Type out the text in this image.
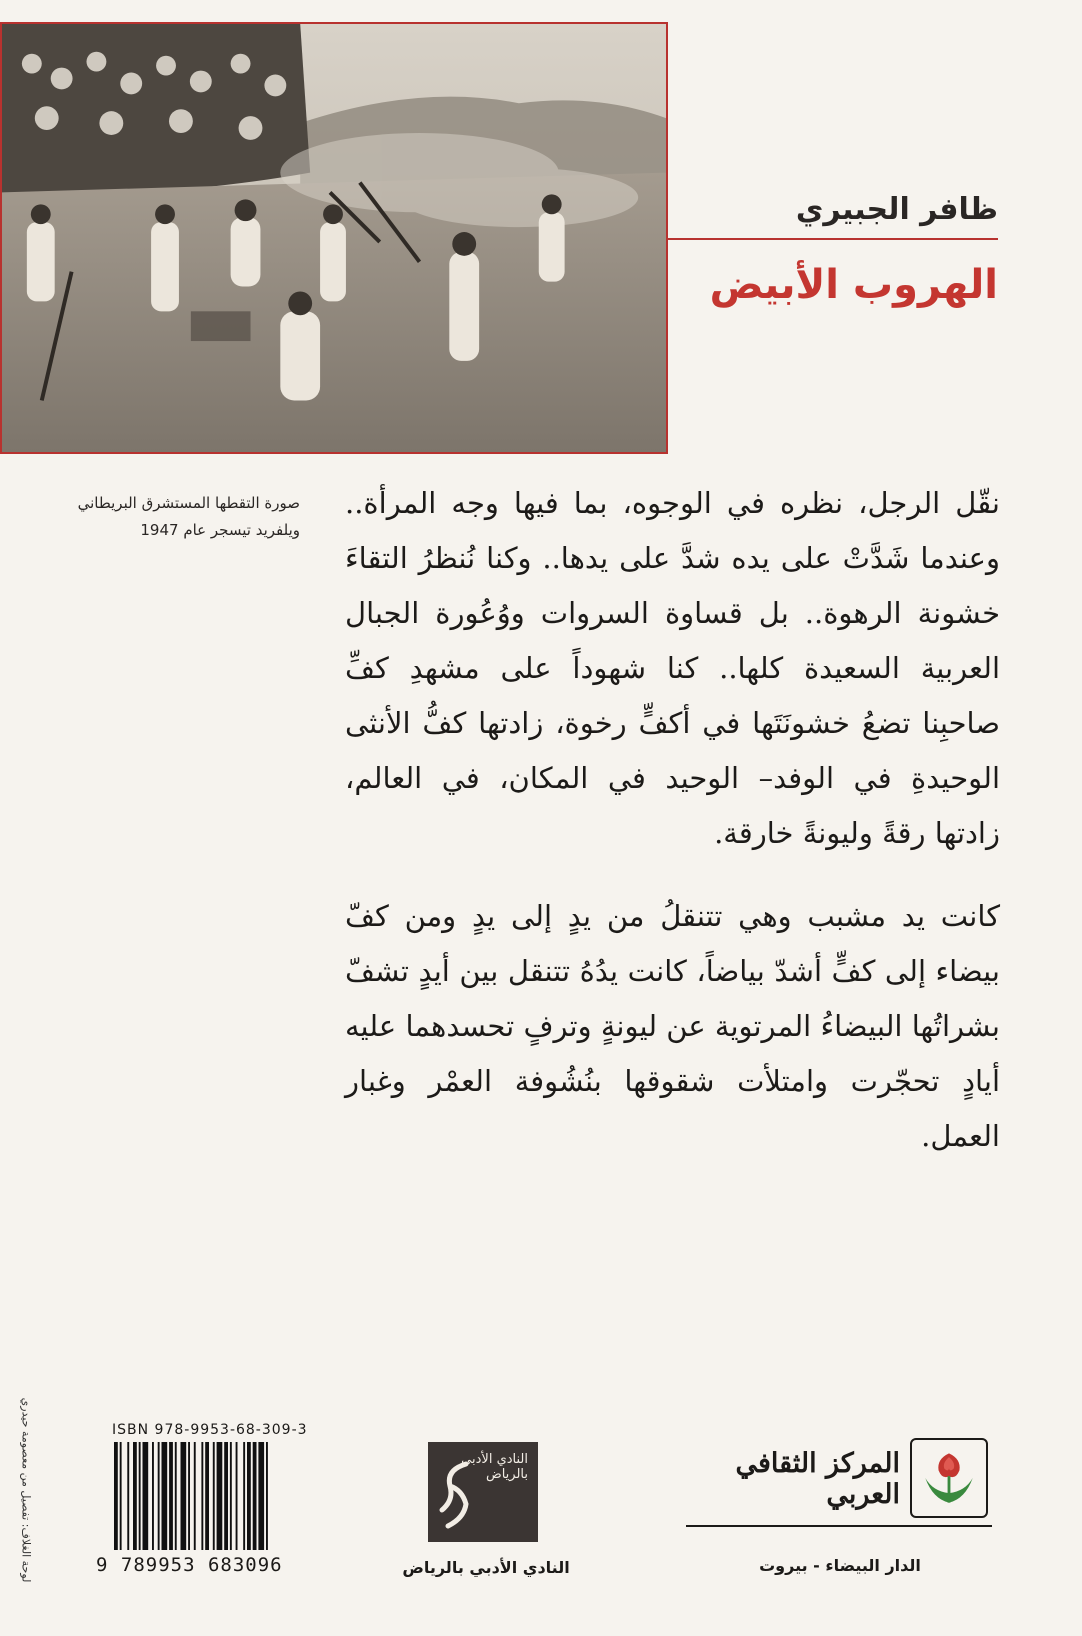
ظافر الجبيري
الهروب الأبيض
صورة التقطها المستشرق البريطاني
ويلفريد تيسجر عام 1947

نقّل الرجل، نظره في الوجوه، بما فيها وجه المرأة.. وعندما شَدَّتْ على يده شدَّ على يدها.. وكنا نُنظرُ التقاءَ خشونة الرهوة.. بل قساوة السروات ووُعُورة الجبال العربية السعيدة كلها.. كنا شهوداً على مشهدِ كفِّ صاحبِنا تضعُ خشونَتَها في أكفٍّ رخوة، زادتها كفُّ الأنثى الوحيدةِ في الوفد– الوحيد في المكان، في العالم، زادتها رقةً وليونةً خارقة.

كانت يد مشبب وهي تتنقلُ من يدٍ إلى يدٍ ومن كفّ بيضاء إلى كفٍّ أشدّ بياضاً، كانت يدُهُ تتنقل بين أيدٍ تشفّ بشراتُها البيضاءُ المرتوية عن ليونةٍ وترفٍ تحسدهما عليه أيادٍ تحجّرت وامتلأت شقوقها بنُشُوفة العمْر وغبار العمل.

لوحة الغلاف: تفصيل من معصومة حيدري	ISBN 978-9953-68-309-3
9 789953 683096
النادي الأدبي بالرياض
النادي الأدبي بالرياض
المركز الثقافي العربي
الدار البيضاء - بيروت
